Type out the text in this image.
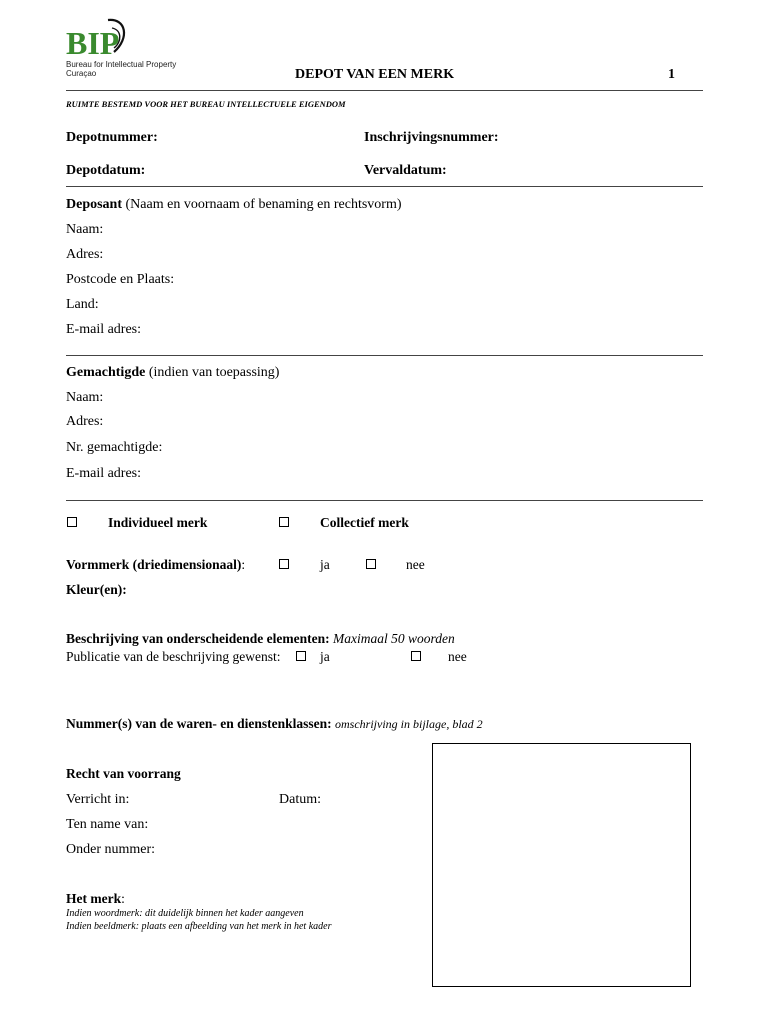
BIP
Bureau for Intellectual Property
Curaçao	DEPOT VAN EEN MERK	1
RUIMTE BESTEMD VOOR HET BUREAU INTELLECTUELE EIGENDOM
Depotnummer:	Inschrijvingsnummer:
Depotdatum:	Vervaldatum:
Deposant (Naam en voornaam of benaming en rechtsvorm)
Naam:
Adres:
Postcode en Plaats:
Land:
E-mail adres:
Gemachtigde (indien van toepassing)
Naam:
Adres:
Nr. gemachtigde:
E-mail adres:
Individueel merk	Collectief merk
Vormmerk (driedimensionaal):	ja	nee
Kleur(en):
Beschrijving van onderscheidende elementen: Maximaal 50 woorden
Publicatie van de beschrijving gewenst:	ja	nee
Nummer(s) van de waren- en dienstenklassen: omschrijving in bijlage, blad 2
Recht van voorrang
Verricht in:	Datum:
Ten name van:
Onder nummer:
Het merk:
Indien woordmerk: dit duidelijk binnen het kader aangeven
Indien beeldmerk: plaats een afbeelding van het merk in het kader
